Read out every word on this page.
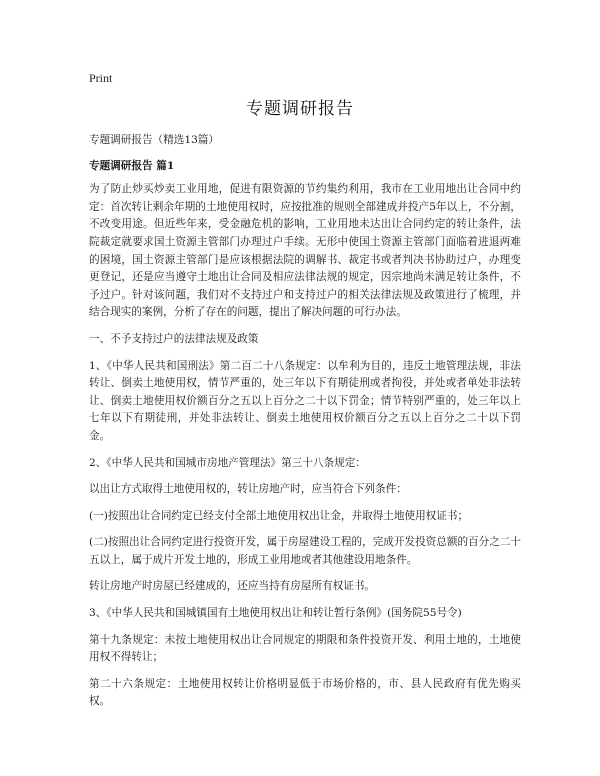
Print
专题调研报告

专题调研报告（精选13篇）

专题调研报告 篇1

为了防止炒买炒卖工业用地，促进有限资源的节约集约利用，我市在工业用地出让合同中约定：首次转让剩余年期的土地使用权时，应按批准的规则全部建成并投产5年以上，不分割，不改变用途。但近些年来，受金融危机的影响，工业用地未达出让合同约定的转让条件，法院裁定就要求国土资源主管部门办理过户手续。无形中使国土资源主管部门面临着进退两难的困境，国土资源主管部门是应该根据法院的调解书、裁定书或者判决书协助过户，办理变更登记，还是应当遵守土地出让合同及相应法律法规的规定，因宗地尚未满足转让条件，不予过户。针对该问题，我们对不支持过户和支持过户的相关法律法规及政策进行了梳理，并结合现实的案例，分析了存在的问题，提出了解决问题的可行办法。

一、不予支持过户的法律法规及政策

1、《中华人民共和国刑法》第二百二十八条规定：以牟利为目的，违反土地管理法规，非法转让、倒卖土地使用权，情节严重的，处三年以下有期徒刑或者拘役，并处或者单处非法转让、倒卖土地使用权价额百分之五以上百分之二十以下罚金；情节特别严重的，处三年以上七年以下有期徒刑，并处非法转让、倒卖土地使用权价额百分之五以上百分之二十以下罚金。

2、《中华人民共和国城市房地产管理法》第三十八条规定：

以出让方式取得土地使用权的，转让房地产时，应当符合下列条件：

(一)按照出让合同约定已经支付全部土地使用权出让金，并取得土地使用权证书；

(二)按照出让合同约定进行投资开发，属于房屋建设工程的，完成开发投资总额的百分之二十五以上，属于成片开发土地的，形成工业用地或者其他建设用地条件。

转让房地产时房屋已经建成的，还应当持有房屋所有权证书。

3、《中华人民共和国城镇国有土地使用权出让和转让暂行条例》(国务院55号令)

第十九条规定：未按土地使用权出让合同规定的期限和条件投资开发、利用土地的，土地使用权不得转让；

第二十六条规定：土地使用权转让价格明显低于市场价格的，市、县人民政府有优先购买权。
